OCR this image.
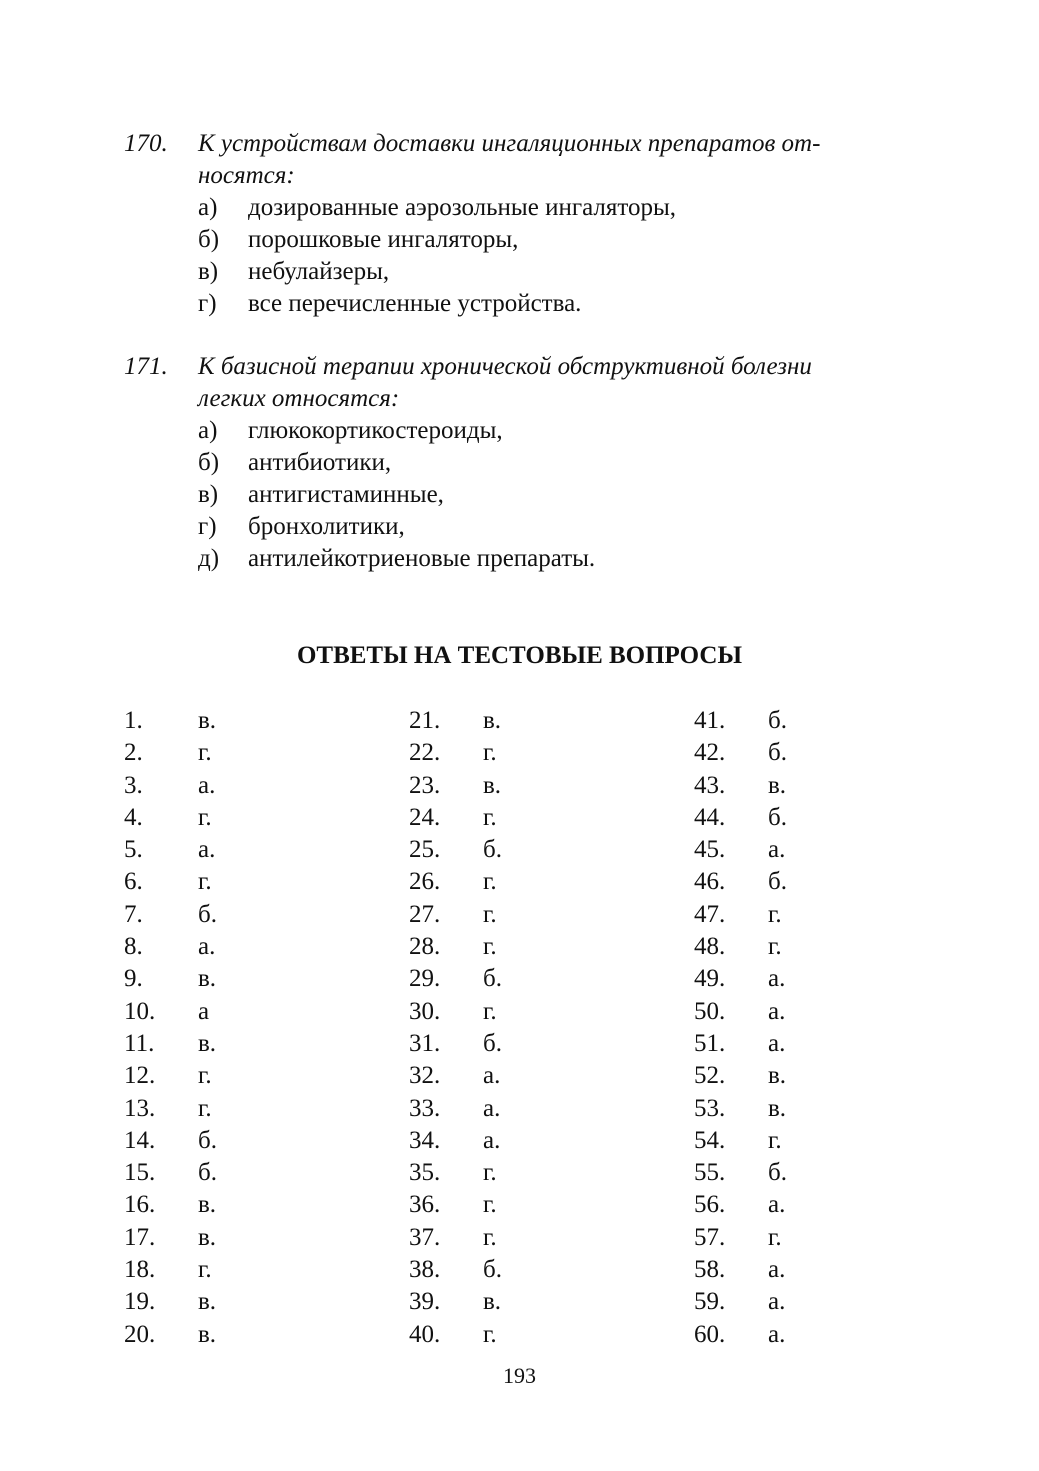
170. К устройствам доставки ингаляционных препаратов от-
носятся:
а)	дозированные аэрозольные ингаляторы,
б)	порошковые ингаляторы,
в)	небулайзеры,
г)	все перечисленные устройства.
171. К базисной терапии хронической обструктивной болезни
легких относятся:
а)	глюкокортикостероиды,
б)	антибиотики,
в)	антигистаминные,
г)	бронхолитики,
д)	антилейкотриеновые препараты.
ОТВЕТЫ НА ТЕСТОВЫЕ ВОПРОСЫ
1.	в.
2.	г.
3.	а.
4.	г.
5.	а.
6.	г.
7.	б.
8.	а.
9.	в.
10.	а
11.	в.
12.	г.
13.	г.
14.	б.
15.	б.
16.	в.
17.	в.
18.	г.
19.	в.
20.	в.
21.	в.
22.	г.
23.	в.
24.	г.
25.	б.
26.	г.
27.	г.
28.	г.
29.	б.
30.	г.
31.	б.
32.	а.
33.	а.
34.	а.
35.	г.
36.	г.
37.	г.
38.	б.
39.	в.
40.	г.
41.	б.
42.	б.
43.	в.
44.	б.
45.	а.
46.	б.
47.	г.
48.	г.
49.	а.
50.	а.
51.	а.
52.	в.
53.	в.
54.	г.
55.	б.
56.	а.
57.	г.
58.	а.
59.	а.
60.	а.
193
